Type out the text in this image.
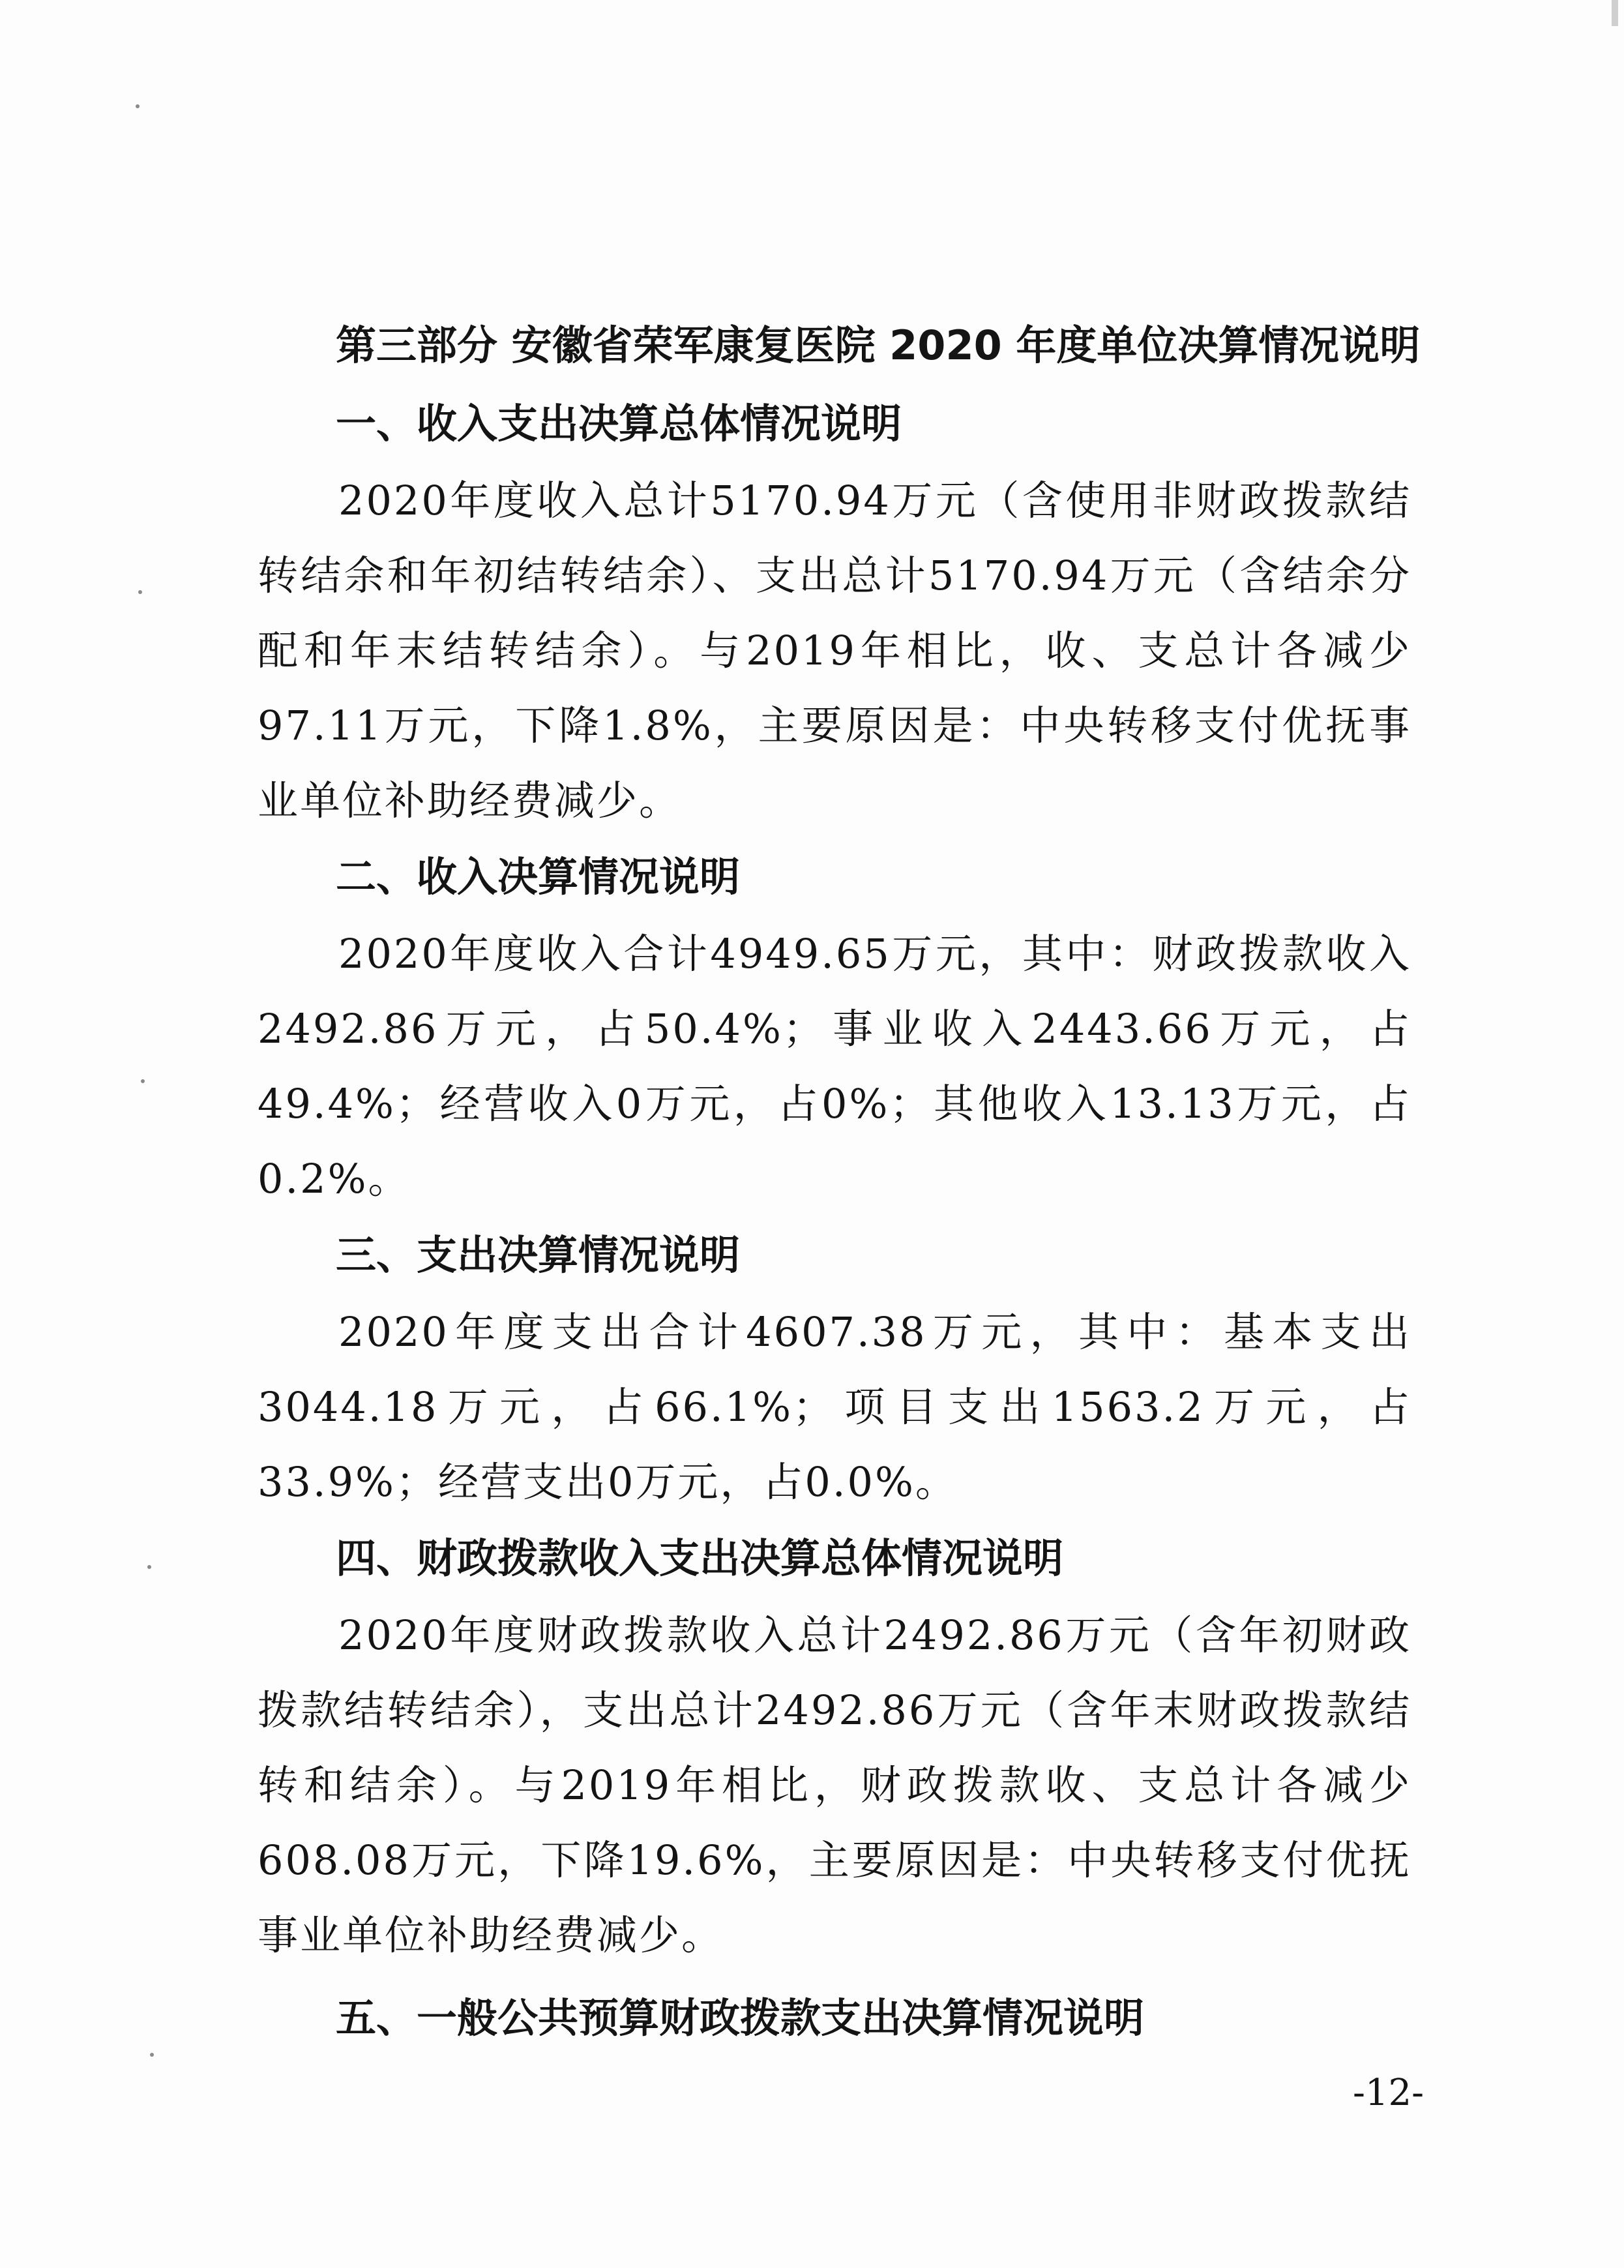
第三部分 安徽省荣军康复医院 2020 年度单位决算情况说明
一、收入支出决算总体情况说明

2020年度收入总计5170.94万元（含使用非财政拨款结转结余和年初结转结余）、支出总计5170.94万元（含结余分配和年末结转结余）。与2019年相比，收、支总计各减少97.11万元，下降1.8%，主要原因是：中央转移支付优抚事业单位补助经费减少。

二、收入决算情况说明

2020年度收入合计4949.65万元，其中：财政拨款收入2492.86万元，占50.4%；事业收入2443.66万元，占49.4%；经营收入0万元，占0%；其他收入13.13万元，占0.2%。

三、支出决算情况说明

2020年度支出合计4607.38万元，其中：基本支出3044.18万元，占66.1%；项目支出1563.2万元，占33.9%；经营支出0万元，占0.0%。

四、财政拨款收入支出决算总体情况说明

2020年度财政拨款收入总计2492.86万元（含年初财政拨款结转结余），支出总计2492.86万元（含年末财政拨款结转和结余）。与2019年相比，财政拨款收、支总计各减少608.08万元，下降19.6%，主要原因是：中央转移支付优抚事业单位补助经费减少。

五、一般公共预算财政拨款支出决算情况说明
-12-
